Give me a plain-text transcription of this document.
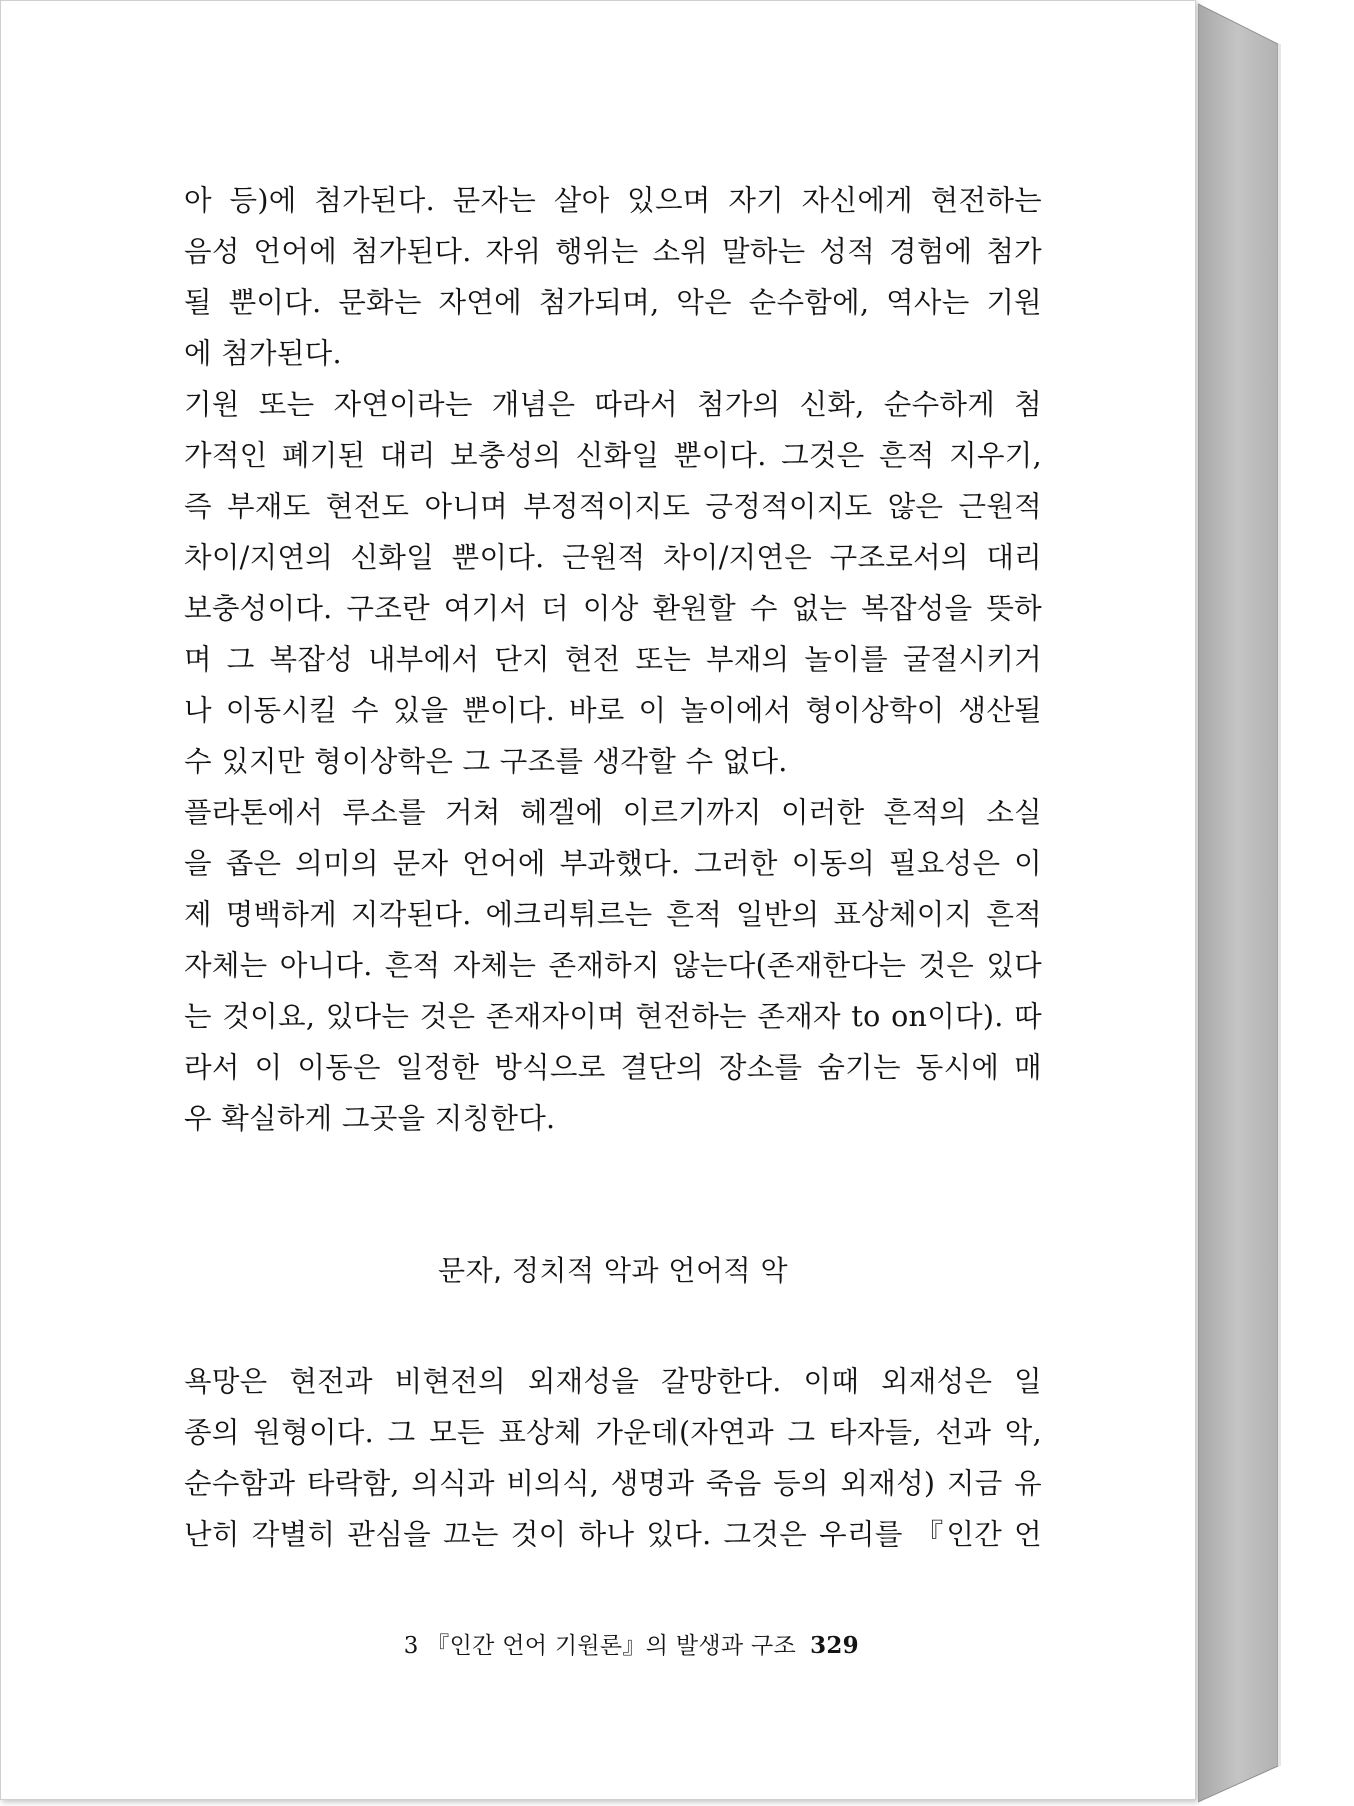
아 등)에 첨가된다. 문자는 살아 있으며 자기 자신에게 현전하는
음성 언어에 첨가된다. 자위 행위는 소위 말하는 성적 경험에 첨가
될 뿐이다. 문화는 자연에 첨가되며, 악은 순수함에, 역사는 기원
에 첨가된다.
기원 또는 자연이라는 개념은 따라서 첨가의 신화, 순수하게 첨
가적인 폐기된 대리 보충성의 신화일 뿐이다. 그것은 흔적 지우기,
즉 부재도 현전도 아니며 부정적이지도 긍정적이지도 않은 근원적
차이/지연의 신화일 뿐이다. 근원적 차이/지연은 구조로서의 대리
보충성이다. 구조란 여기서 더 이상 환원할 수 없는 복잡성을 뜻하
며 그 복잡성 내부에서 단지 현전 또는 부재의 놀이를 굴절시키거
나 이동시킬 수 있을 뿐이다. 바로 이 놀이에서 형이상학이 생산될
수 있지만 형이상학은 그 구조를 생각할 수 없다.
플라톤에서 루소를 거쳐 헤겔에 이르기까지 이러한 흔적의 소실
을 좁은 의미의 문자 언어에 부과했다. 그러한 이동의 필요성은 이
제 명백하게 지각된다. 에크리튀르는 흔적 일반의 표상체이지 흔적
자체는 아니다. 흔적 자체는 존재하지 않는다(존재한다는 것은 있다
는 것이요, 있다는 것은 존재자이며 현전하는 존재자 to on이다). 따
라서 이 이동은 일정한 방식으로 결단의 장소를 숨기는 동시에 매
우 확실하게 그곳을 지칭한다.
문자, 정치적 악과 언어적 악
욕망은 현전과 비현전의 외재성을 갈망한다. 이때 외재성은 일
종의 원형이다. 그 모든 표상체 가운데(자연과 그 타자들, 선과 악,
순수함과 타락함, 의식과 비의식, 생명과 죽음 등의 외재성) 지금 유
난히 각별히 관심을 끄는 것이 하나 있다. 그것은 우리를 『인간 언
3 『인간 언어 기원론』의 발생과 구조 329
